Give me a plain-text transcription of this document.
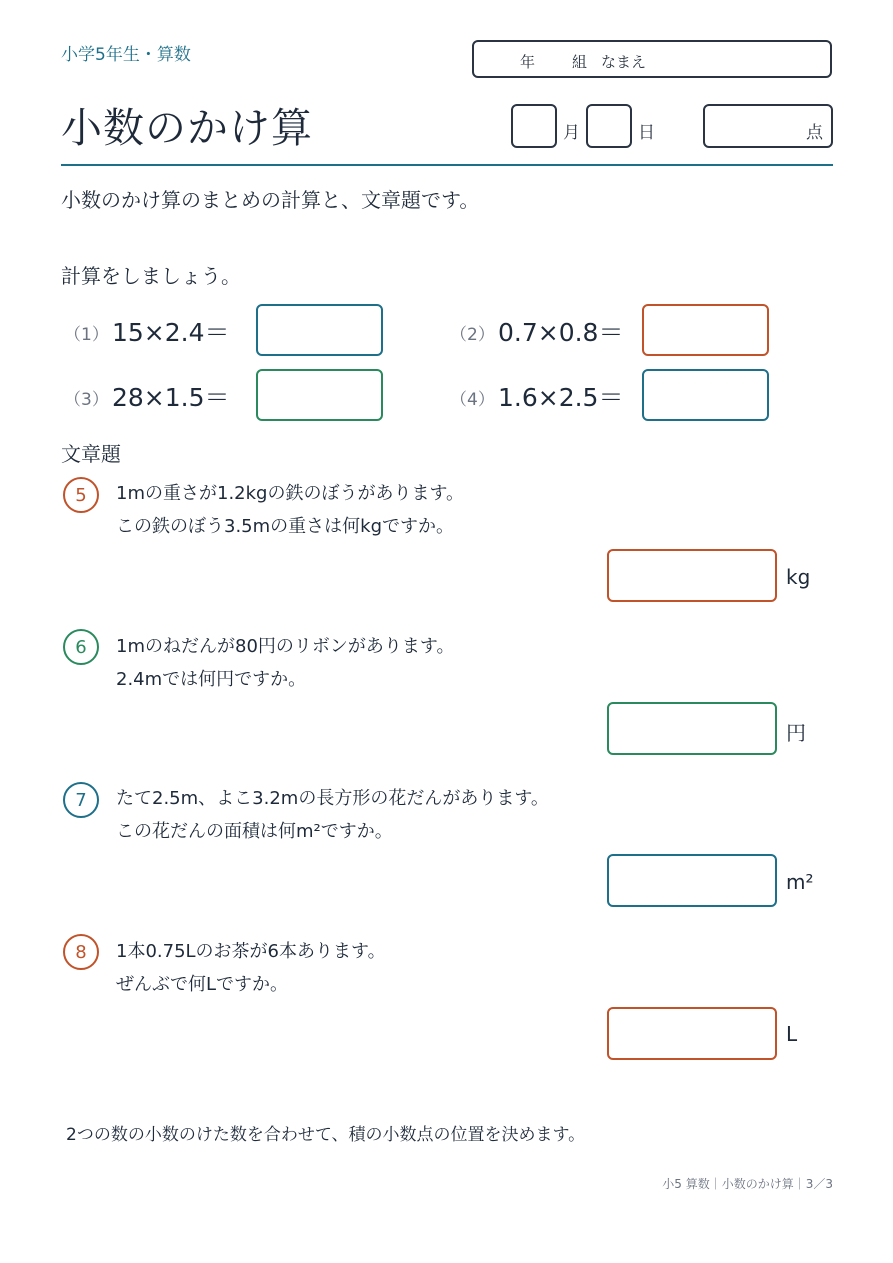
小学5年生・算数	年 組 なまえ
小数のかけ算	月	日	点
小数のかけ算のまとめの計算と、文章題です。
計算をしましょう。
（1） 15×2.4＝	（2） 0.7×0.8＝
（3） 28×1.5＝	（4） 1.6×2.5＝
文章題
5	1mの重さが1.2kgの鉄のぼうがあります。
この鉄のぼう3.5mの重さは何kgですか。
kg
6	1mのねだんが80円のリボンがあります。
2.4mでは何円ですか。
円
7	たて2.5m、よこ3.2mの長方形の花だんがあります。
この花だんの面積は何m²ですか。
m²
8	1本0.75Lのお茶が6本あります。
ぜんぶで何Lですか。
L
2つの数の小数のけた数を合わせて、積の小数点の位置を決めます。
小5 算数｜小数のかけ算｜3／3
